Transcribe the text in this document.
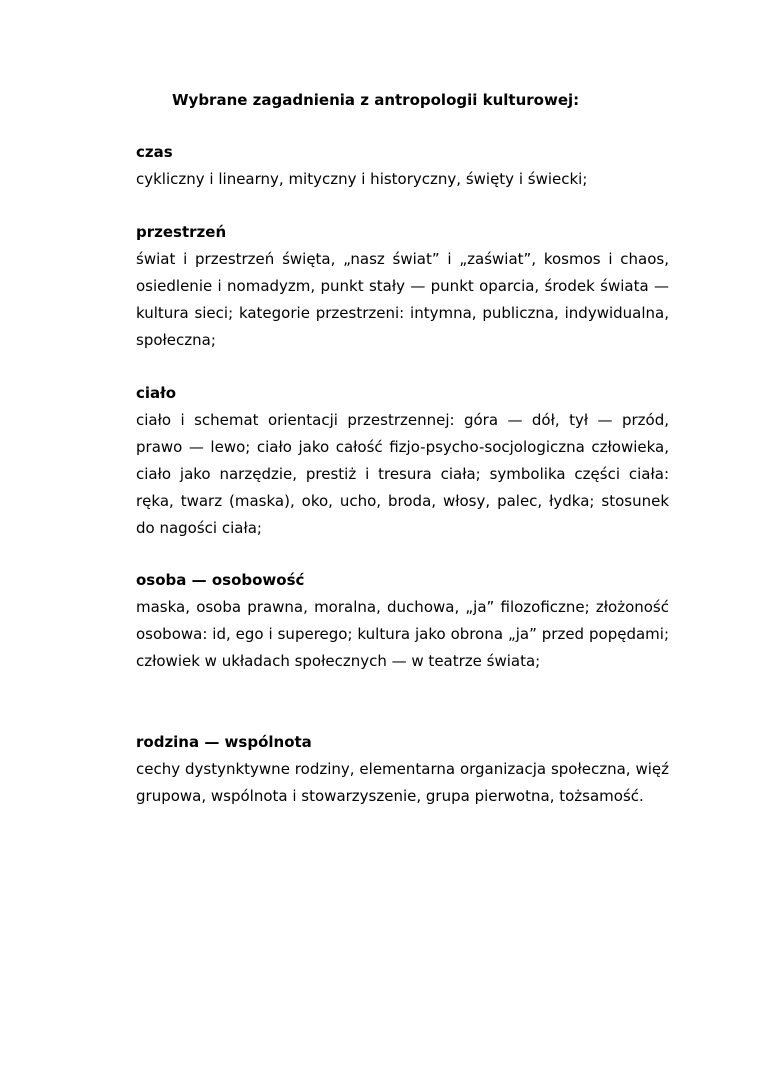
Wybrane zagadnienia z antropologii kulturowej:

czas

cykliczny i linearny, mityczny i historyczny, święty i świecki;

przestrzeń

świat i przestrzeń święta, „nasz świat” i „zaświat”, kosmos i chaos, osiedlenie i nomadyzm, punkt stały — punkt oparcia, środek świata — kultura sieci; kategorie przestrzeni: intymna, publiczna, indywidualna, społeczna;

ciało

ciało i schemat orientacji przestrzennej: góra — dół, tył — przód, prawo — lewo; ciało jako całość fizjo-psycho-socjologiczna człowieka, ciało jako narzędzie, prestiż i tresura ciała; symbolika części ciała: ręka, twarz (maska), oko, ucho, broda, włosy, palec, łydka; stosunek do nagości ciała;

osoba — osobowość

maska, osoba prawna, moralna, duchowa, „ja” filozoficzne; złożoność osobowa: id, ego i superego; kultura jako obrona „ja” przed popędami; człowiek w układach społecznych — w teatrze świata;

rodzina — wspólnota

cechy dystynktywne rodziny, elementarna organizacja społeczna, więź grupowa, wspólnota i stowarzyszenie, grupa pierwotna, tożsamość.
